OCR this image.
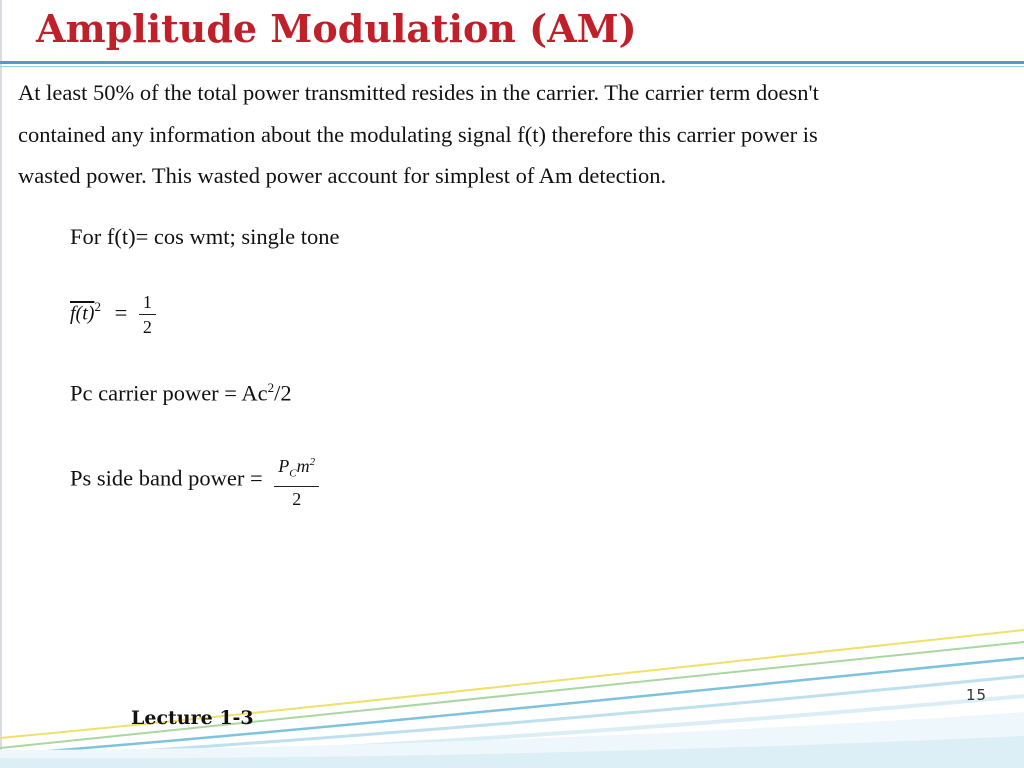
Amplitude Modulation (AM)
At least 50% of the total power transmitted resides in the carrier. The carrier term doesn't
contained any information about the modulating signal f(t) therefore this carrier power is
wasted power. This wasted power account for simplest of Am detection.
For f(t)= cos wmt; single tone
$f(t)^2 = \frac{1}{2}$
Pc carrier power = $Ac^2/2$
Ps side band power = $\frac{P_Cm^2}{2}$
Lecture 1-3
15
